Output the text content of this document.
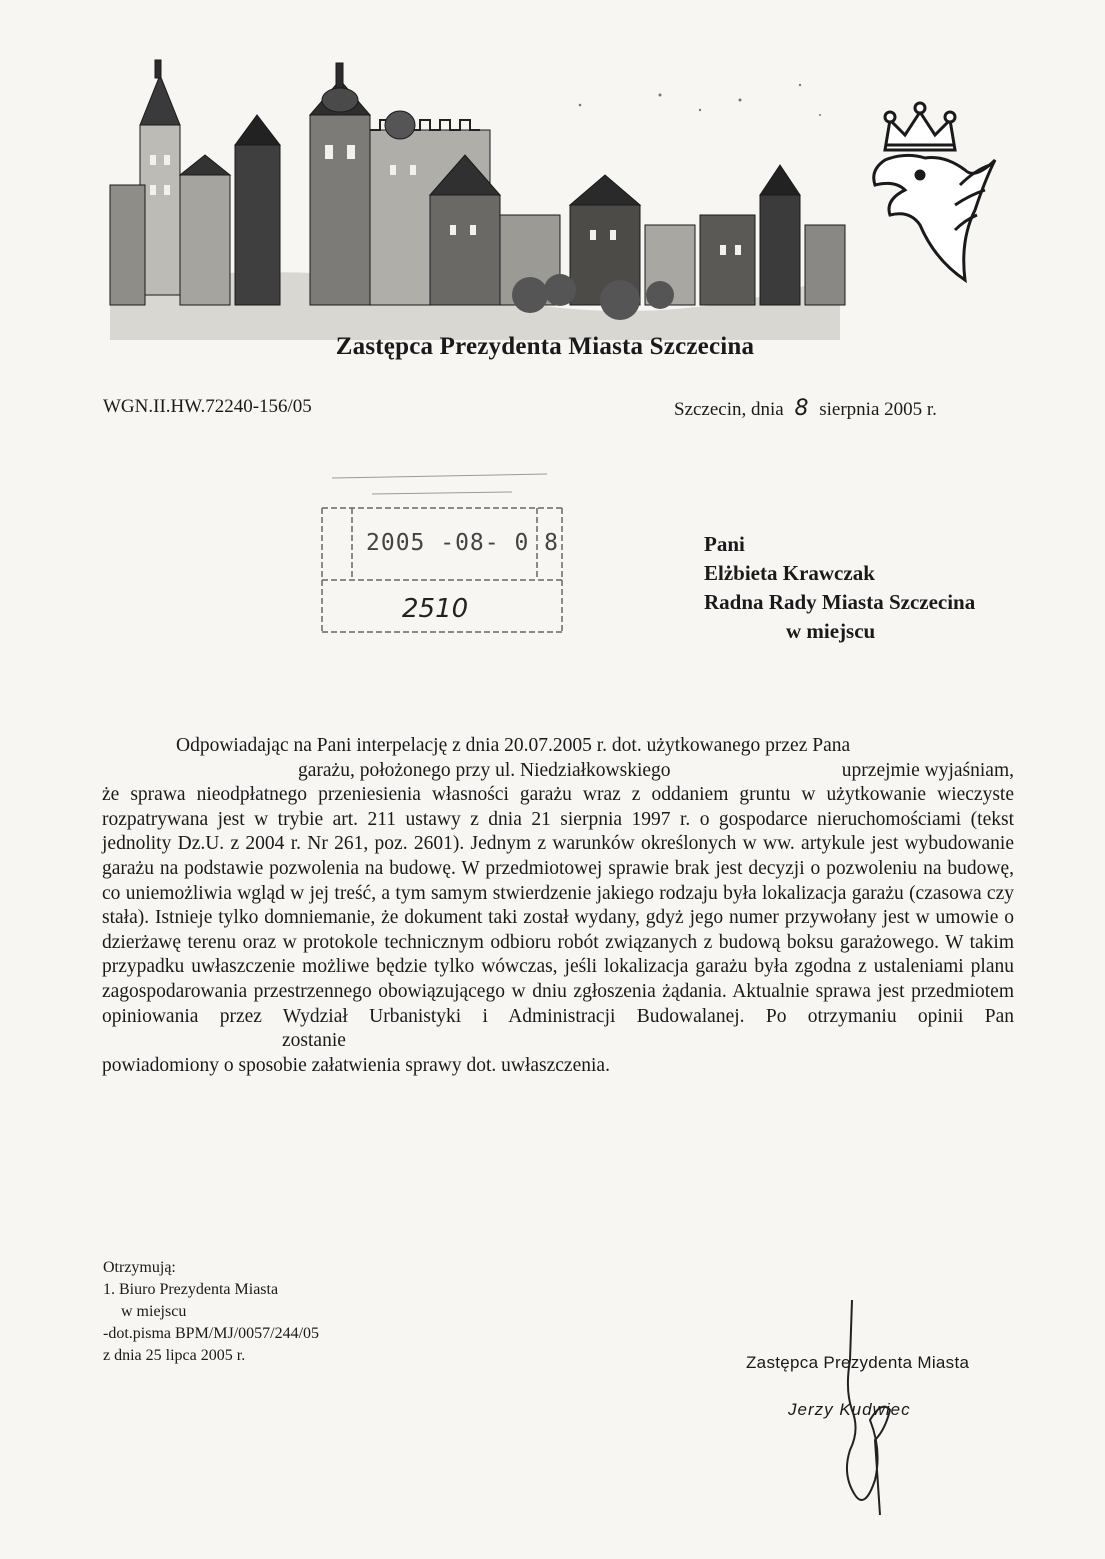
Zastępca Prezydenta Miasta Szczecina
WGN.II.HW.72240-156/05	Szczecin, dnia 8 sierpnia 2005 r.
2005 -08- 0 8
2510
Pani
Elżbieta Krawczak
Radna Rady Miasta Szczecina
w miejscu

Odpowiadając na Pani interpelację z dnia 20.07.2005 r. dot. użytkowanego przez Pana

garażu, położonego przy ul. Niedziałkowskiego	uprzejmie wyjaśniam,

że sprawa nieodpłatnego przeniesienia własności garażu wraz z oddaniem gruntu w użytkowanie wieczyste rozpatrywana jest w trybie art. 211 ustawy z dnia 21 sierpnia 1997 r. o gospodarce nieruchomościami (tekst jednolity Dz.U. z 2004 r. Nr 261, poz. 2601). Jednym z warunków określonych w ww. artykule jest wybudowanie garażu na podstawie pozwolenia na budowę. W przedmiotowej sprawie brak jest decyzji o pozwoleniu na budowę, co uniemożliwia wgląd w jej treść, a tym samym stwierdzenie jakiego rodzaju była lokalizacja garażu (czasowa czy stała). Istnieje tylko domniemanie, że dokument taki został wydany, gdyż jego numer przywołany jest w umowie o dzierżawę terenu oraz w protokole technicznym odbioru robót związanych z budową boksu garażowego. W takim przypadku uwłaszczenie możliwe będzie tylko wówczas, jeśli lokalizacja garażu była zgodna z ustaleniami planu zagospodarowania przestrzennego obowiązującego w dniu zgłoszenia żądania. Aktualnie sprawa jest przedmiotem opiniowania przez Wydział Urbanistyki i Administracji Budowalanej. Po otrzymaniu opinii Panzostanie

powiadomiony o sposobie załatwienia sprawy dot. uwłaszczenia.

Otrzymują:
1. Biuro Prezydenta Miasta
w miejscu
-dot.pisma BPM/MJ/0057/244/05
z dnia 25 lipca 2005 r.	Zastępca Prezydenta Miasta
Jerzy Kudwiec
